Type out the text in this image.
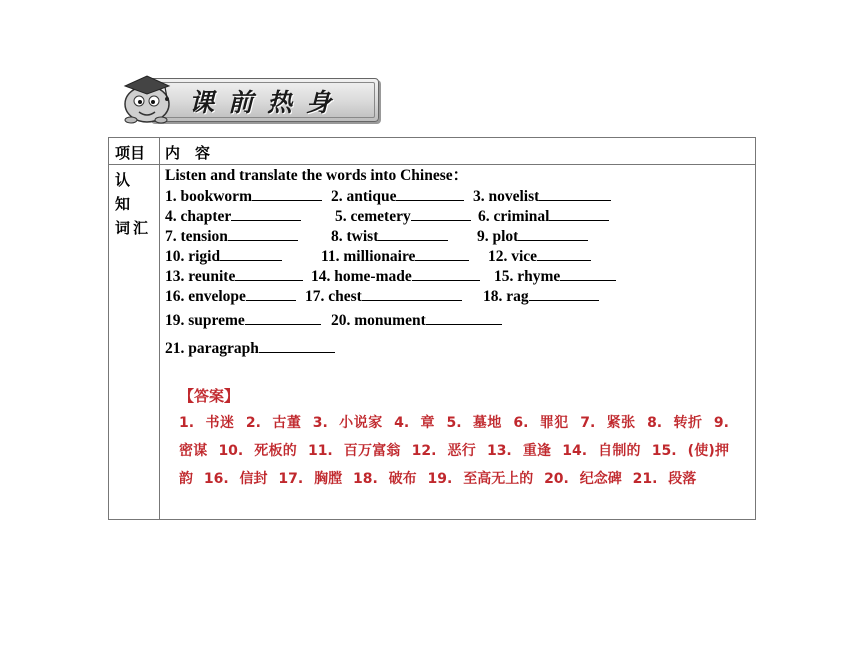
课前热身
项目 内　容
认 知 词汇
Listen and translate the words into Chinese：
1. bookworm	2. antique	3. novelist
4. chapter	5. cemetery	6. criminal
7. tension	8. twist	9. plot
10. rigid	11. millionaire	12. vice
13. reunite	14. home-made	15. rhyme
16. envelope	17. chest	18. rag
19. supreme	20. monument
21. paragraph
【答案】
1. 书迷 2. 古董 3. 小说家 4. 章 5. 墓地 6. 罪犯 7. 紧张 8. 转折 9. 密谋 10. 死板的 11. 百万富翁 12. 恶行 13. 重逢 14. 自制的 15. (使)押韵 16. 信封 17. 胸膛 18. 破布 19. 至高无上的 20. 纪念碑 21. 段落
